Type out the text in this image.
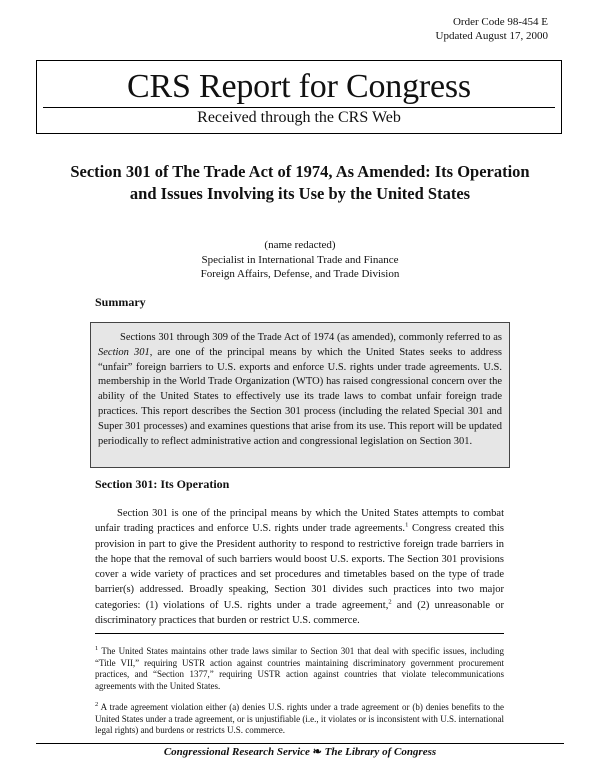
Order Code 98-454 E
Updated August 17, 2000
CRS Report for Congress
Received through the CRS Web
Section 301 of The Trade Act of 1974, As Amended: Its Operation and Issues Involving its Use by the United States
(name redacted)
Specialist in International Trade and Finance
Foreign Affairs, Defense, and Trade Division
Summary

Sections 301 through 309 of the Trade Act of 1974 (as amended), commonly referred to as Section 301, are one of the principal means by which the United States seeks to address “unfair” foreign barriers to U.S. exports and enforce U.S. rights under trade agreements. U.S. membership in the World Trade Organization (WTO) has raised congressional concern over the ability of the United States to effectively use its trade laws to combat unfair foreign trade practices. This report describes the Section 301 process (including the related Special 301 and Super 301 processes) and examines questions that arise from its use. This report will be updated periodically to reflect administrative action and congressional legislation on Section 301.

Section 301: Its Operation

Section 301 is one of the principal means by which the United States attempts to combat unfair trading practices and enforce U.S. rights under trade agreements.$^1$ Congress created this provision in part to give the President authority to respond to restrictive foreign trade barriers in the hope that the removal of such barriers would boost U.S. exports. The Section 301 provisions cover a wide variety of practices and set procedures and timetables based on the type of trade barrier(s) addressed. Broadly speaking, Section 301 divides such practices into two major categories: (1) violations of U.S. rights under a trade agreement,$^2$ and (2) unreasonable or discriminatory practices that burden or restrict U.S. commerce.

$^1$ The United States maintains other trade laws similar to Section 301 that deal with specific issues, including “Title VII,” requiring USTR action against countries maintaining discriminatory government procurement practices, and “Section 1377,” requiring USTR action against countries that violate telecommunications agreements with the United States.

$^2$ A trade agreement violation either (a) denies U.S. rights under a trade agreement or (b) denies benefits to the United States under a trade agreement, or is unjustifiable (i.e., it violates or is inconsistent with U.S. international legal rights) and burdens or restricts U.S. commerce.

Congressional Research Service ❧ The Library of Congress
